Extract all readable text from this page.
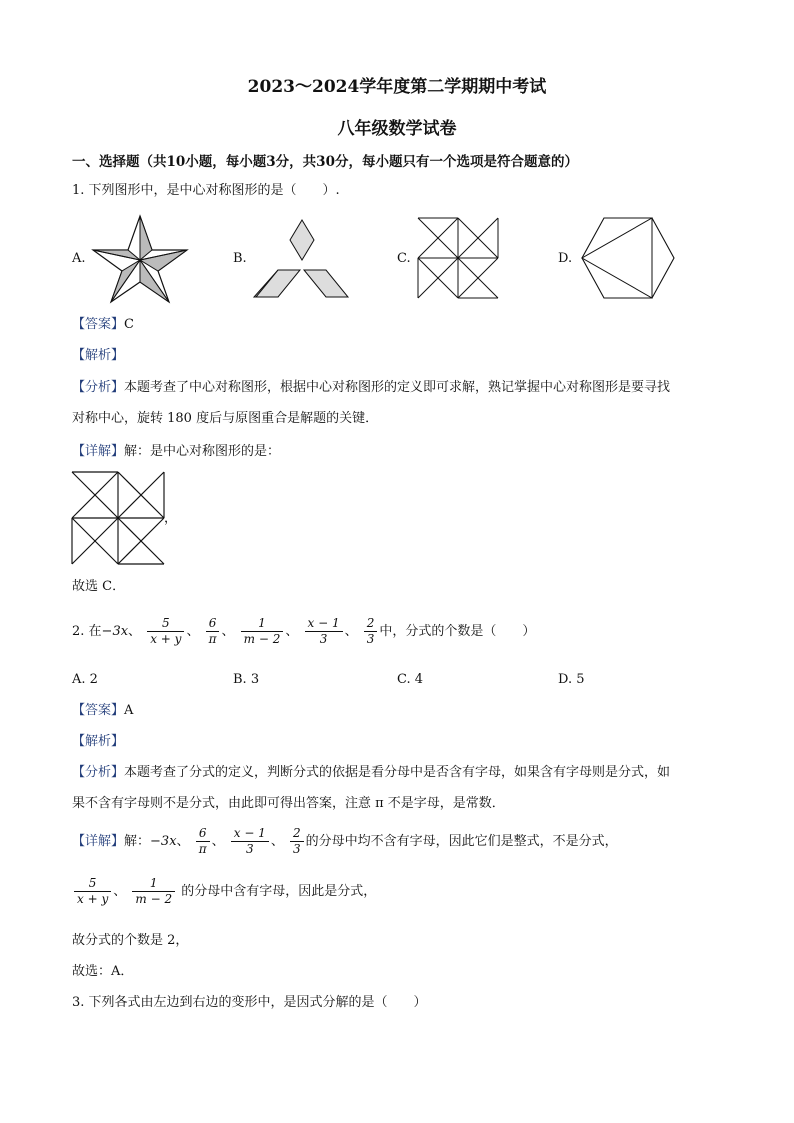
2023～2024学年度第二学期期中考试
八年级数学试卷
一、选择题（共10小题，每小题3分，共30分，每小题只有一个选项是符合题意的）
1. 下列图形中，是中心对称图形的是（　　）.
A.	B.	C.	D.
【答案】C
【解析】
【分析】本题考查了中心对称图形，根据中心对称图形的定义即可求解，熟记掌握中心对称图形是要寻找
对称中心，旋转 180 度后与原图重合是解题的关键．
【详解】解：是中心对称图形的是：
，
故选 C．
2. 在−3x、 $\frac{5}{x + y}$ 、 $\frac{6}{\pi}$ 、 $\frac{1}{m - 2}$ 、 $\frac{x - 1}{3}$ 、 $\frac{2}{3}$ 中，分式的个数是（　　）
A. 2	B. 3	C. 4	D. 5
【答案】A
【解析】
【分析】本题考查了分式的定义，判断分式的依据是看分母中是否含有字母，如果含有字母则是分式，如
果不含有字母则不是分式，由此即可得出答案，注意 π 不是字母，是常数．
【详解】解：−3x、 $\frac{6}{\pi}$ 、 $\frac{x - 1}{3}$ 、 $\frac{2}{3}$ 的分母中均不含有字母，因此它们是整式，不是分式，
$\frac{5}{x + y}$ 、 $\frac{1}{m - 2}$ 的分母中含有字母，因此是分式，
故分式的个数是 2，
故选：A．
3. 下列各式由左边到右边的变形中，是因式分解的是（　　）
